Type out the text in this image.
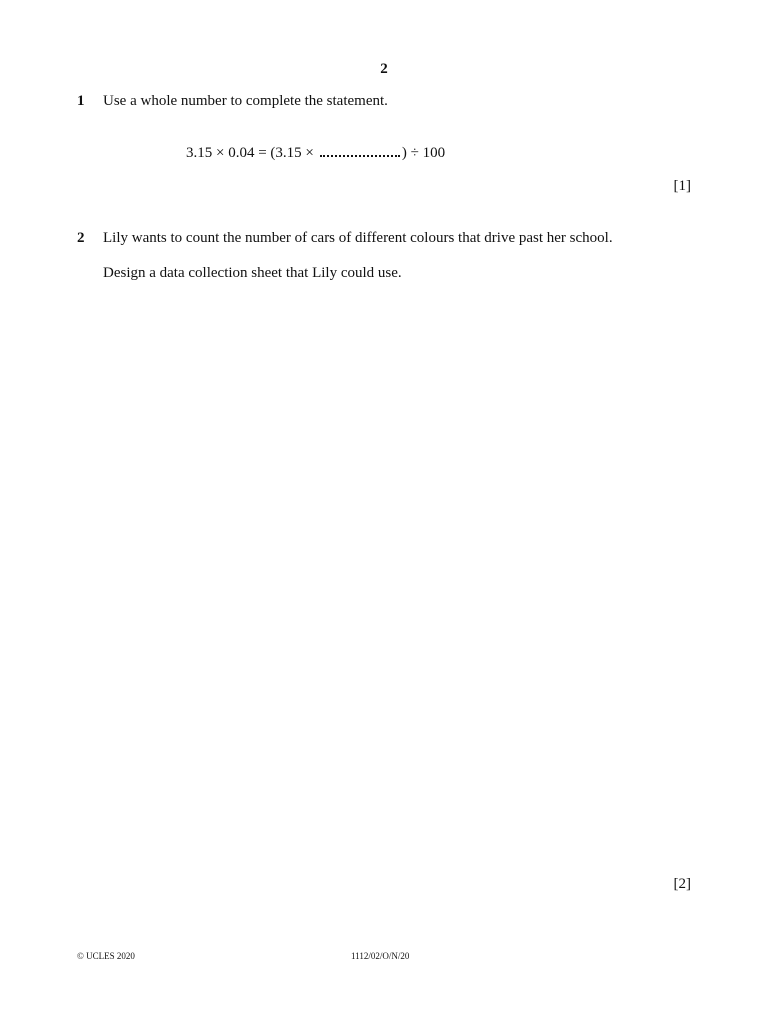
2
1 Use a whole number to complete the statement.
3.15 × 0.04 = (3.15 ×	) ÷ 100
[1]
2 Lily wants to count the number of cars of different colours that drive past her school.
Design a data collection sheet that Lily could use.
[2]
© UCLES 2020	1112/02/O/N/20
